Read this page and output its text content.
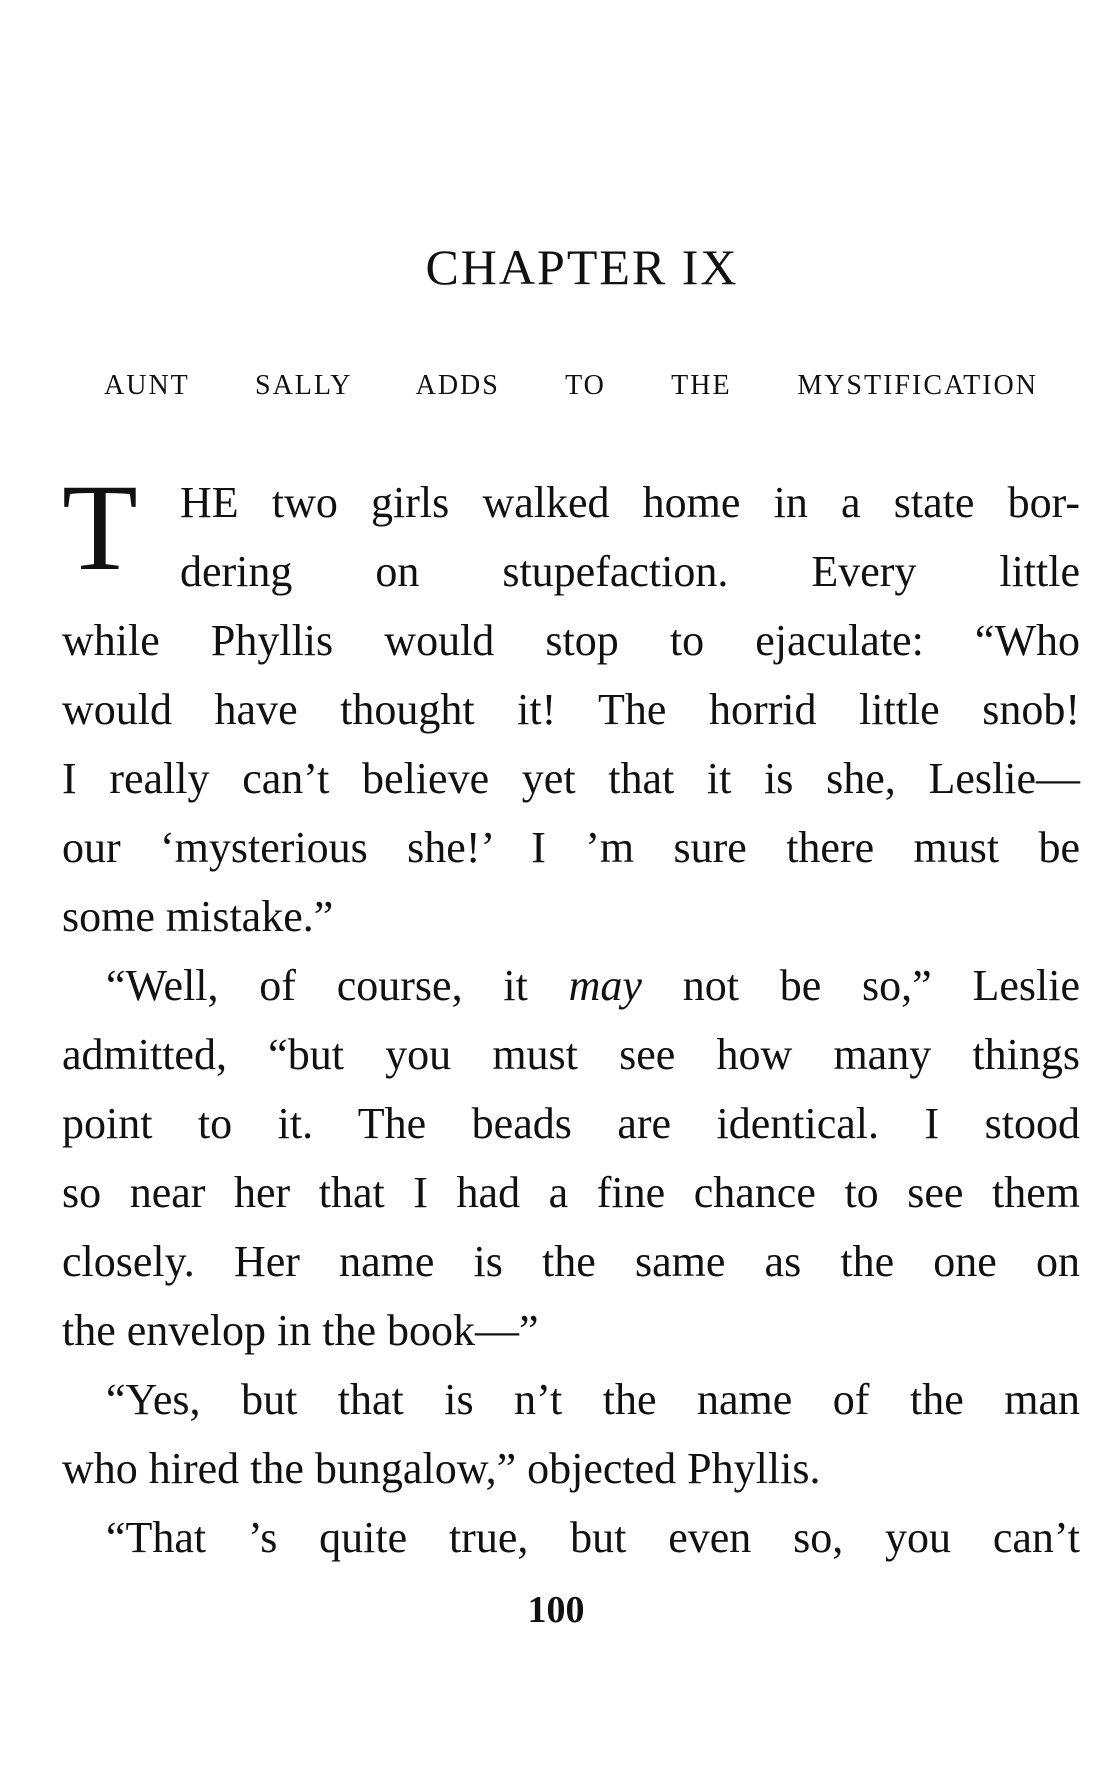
CHAPTER IX
AUNT SALLY ADDS TO THE MYSTIFICATION
T HE two girls walked home in a state bor-
dering on stupefaction. Every little
while Phyllis would stop to ejaculate: “Who
would have thought it! The horrid little snob!
I really can’t believe yet that it is she, Leslie—
our ‘mysterious she!’ I ’m sure there must be
some mistake.”
“Well, of course, it may not be so,” Leslie
admitted, “but you must see how many things
point to it. The beads are identical. I stood
so near her that I had a fine chance to see them
closely. Her name is the same as the one on
the envelop in the book—”
“Yes, but that is n’t the name of the man
who hired the bungalow,” objected Phyllis.
“That ’s quite true, but even so, you can’t
100
